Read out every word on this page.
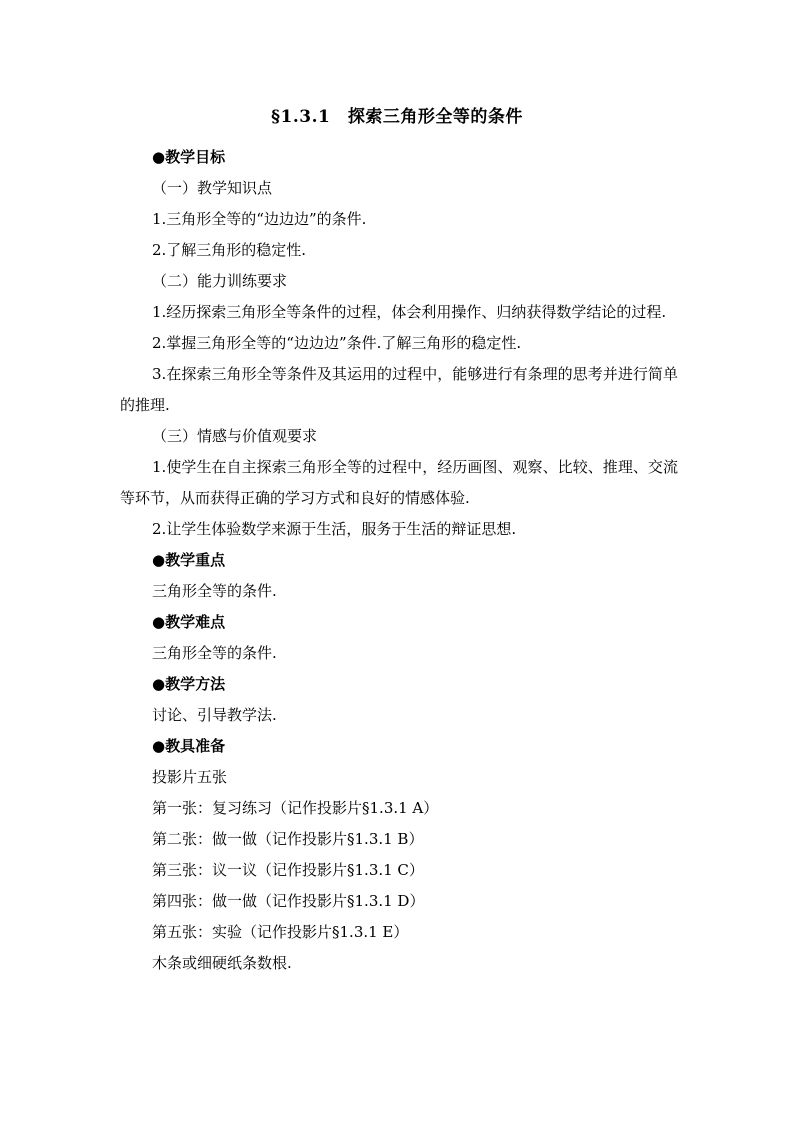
§1.3.1　探索三角形全等的条件

●教学目标

（一）教学知识点

1.三角形全等的“边边边”的条件.

2.了解三角形的稳定性.

（二）能力训练要求

1.经历探索三角形全等条件的过程，体会利用操作、归纳获得数学结论的过程.

2.掌握三角形全等的“边边边”条件.了解三角形的稳定性.

3.在探索三角形全等条件及其运用的过程中，能够进行有条理的思考并进行简单的推理.

（三）情感与价值观要求

1.使学生在自主探索三角形全等的过程中，经历画图、观察、比较、推理、交流等环节，从而获得正确的学习方式和良好的情感体验.

2.让学生体验数学来源于生活，服务于生活的辩证思想.

●教学重点

三角形全等的条件.

●教学难点

三角形全等的条件.

●教学方法

讨论、引导教学法.

●教具准备

投影片五张

第一张：复习练习（记作投影片§1.3.1 A）

第二张：做一做（记作投影片§1.3.1 B）

第三张：议一议（记作投影片§1.3.1 C）

第四张：做一做（记作投影片§1.3.1 D）

第五张：实验（记作投影片§1.3.1 E）

木条或细硬纸条数根.
